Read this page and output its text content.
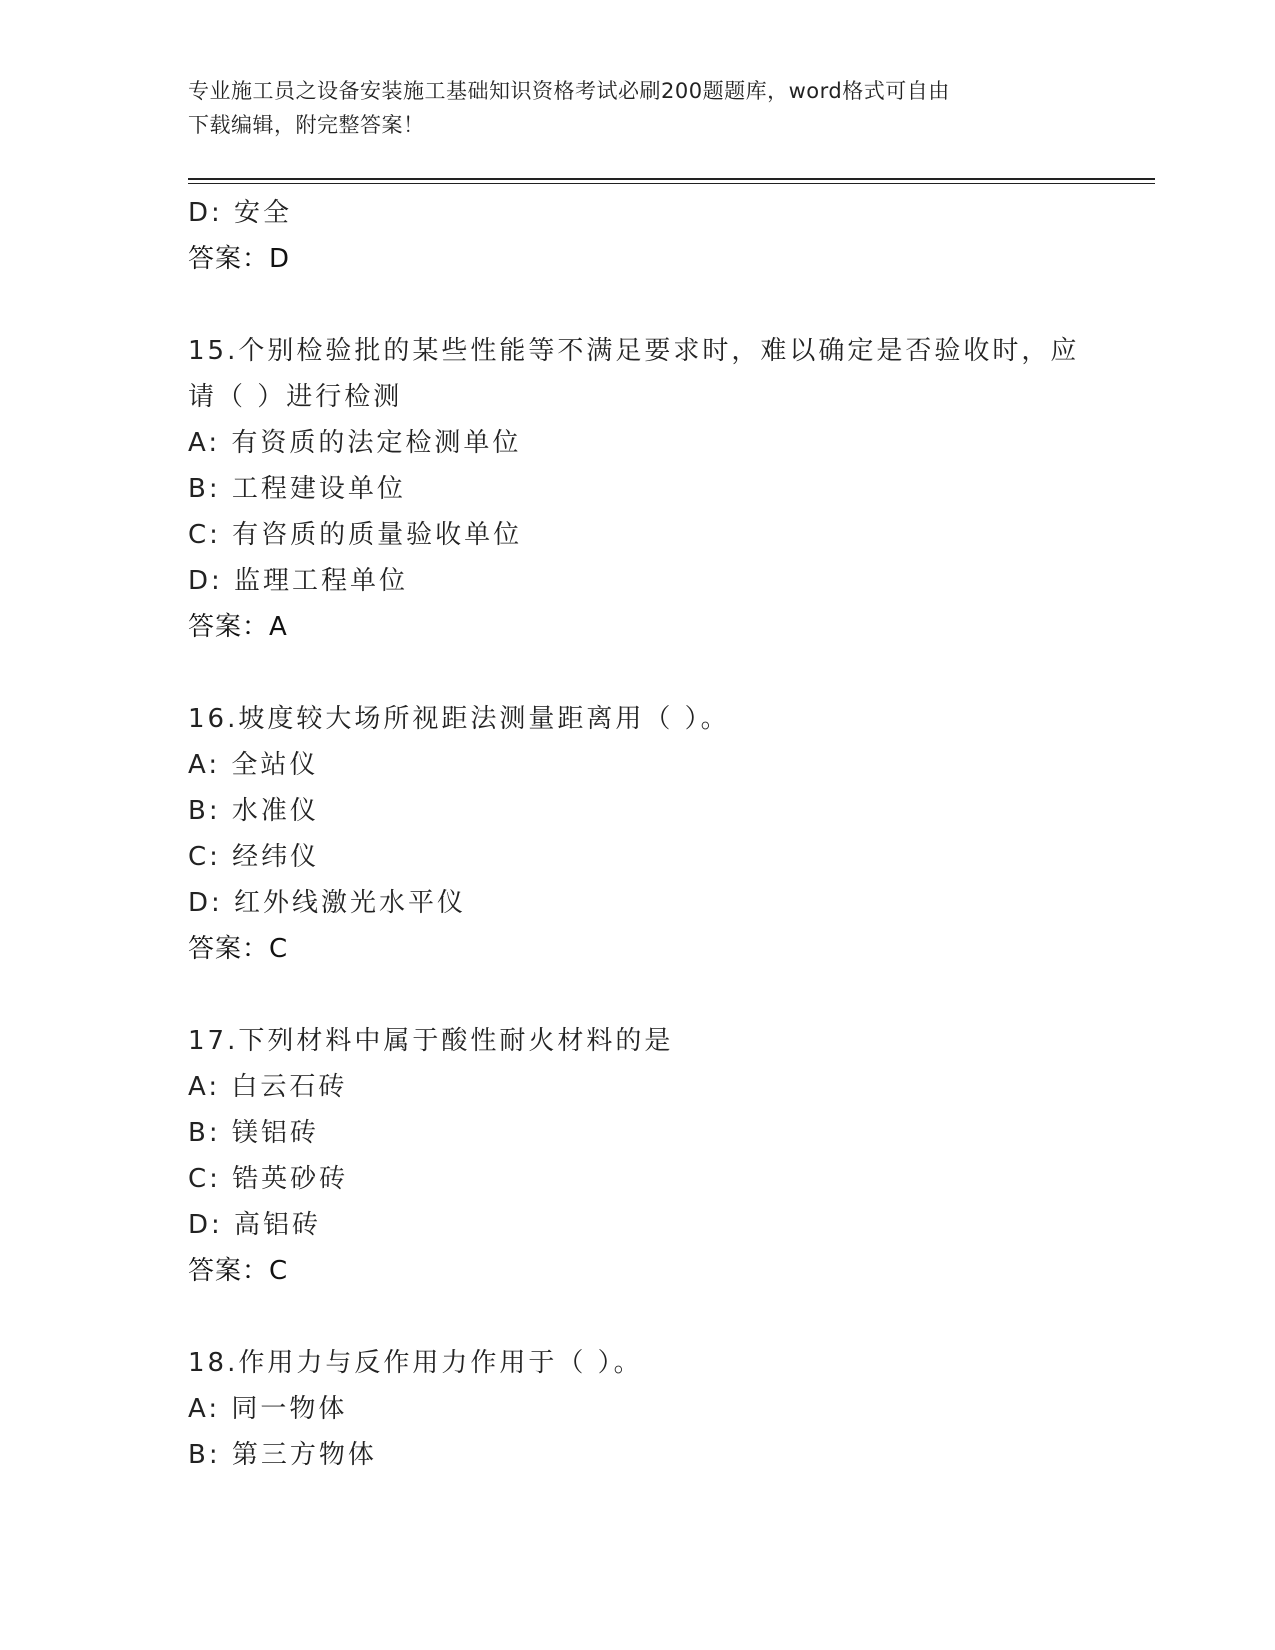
专业施工员之设备安装施工基础知识资格考试必刷200题题库，word格式可自由
下载编辑，附完整答案！
D: 安全
答案：D
15.个别检验批的某些性能等不满足要求时，难以确定是否验收时，应
请（ ）进行检测
A: 有资质的法定检测单位
B: 工程建设单位
C: 有咨质的质量验收单位
D: 监理工程单位
答案：A
16.坡度较大场所视距法测量距离用（ ）。
A: 全站仪
B: 水准仪
C: 经纬仪
D: 红外线激光水平仪
答案：C
17.下列材料中属于酸性耐火材料的是
A: 白云石砖
B: 镁铝砖
C: 锆英砂砖
D: 高铝砖
答案：C
18.作用力与反作用力作用于（ ）。
A: 同一物体
B: 第三方物体
